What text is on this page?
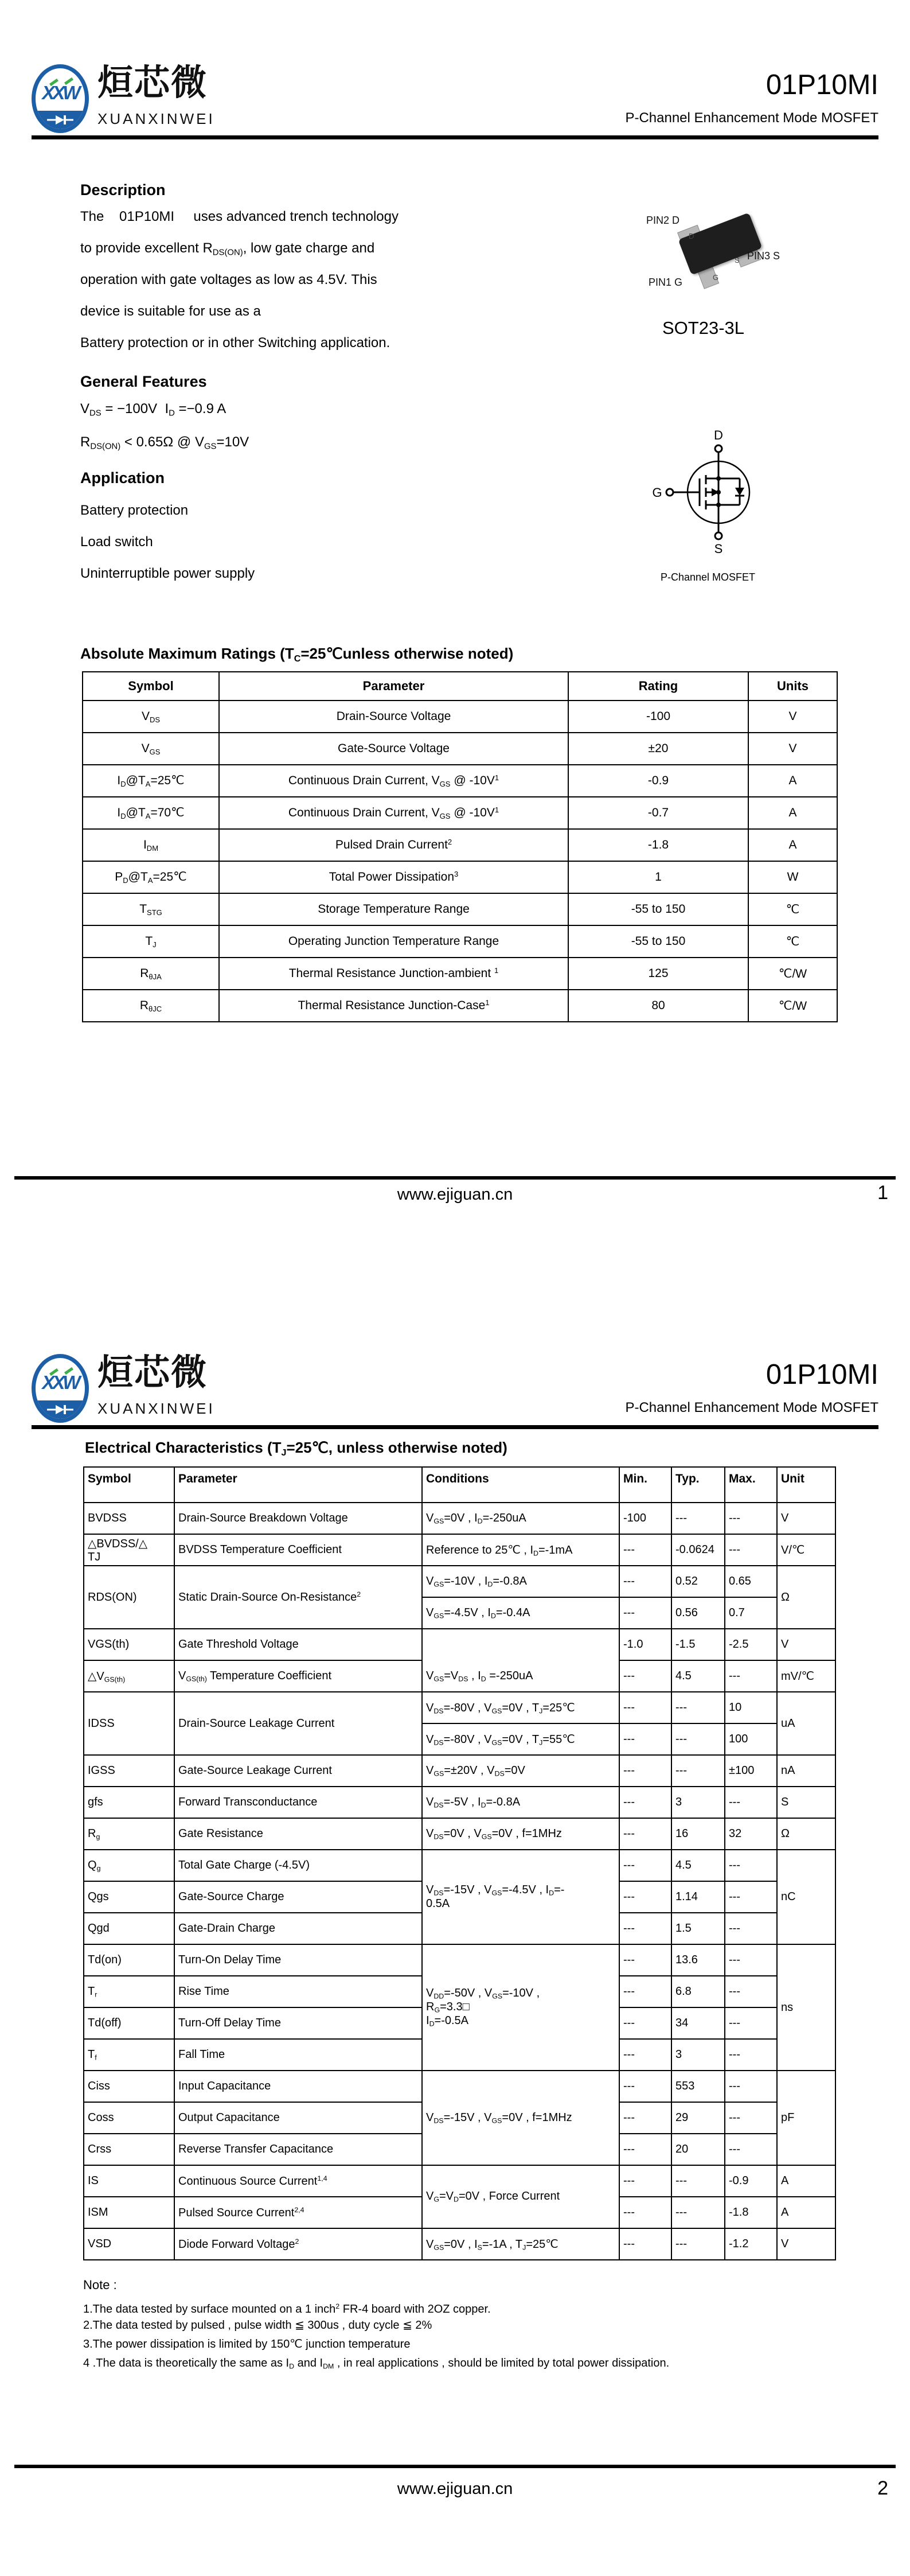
XXW 烜芯微
XUANXINWEI
01P10MI
P-Channel Enhancement Mode MOSFET
Description
The    01P10MI     uses advanced trench technology
to provide excellent $R_{DS(ON)}$, low gate charge and
operation with gate voltages as low as 4.5V. This
device is suitable for use as a
Battery protection or in other Switching application.
PIN2 D
D
S
G
PIN3 S
PIN1 G
SOT23-3L
General Features
$V_{DS} = -100V$  $I_D =-0.9$ A
$R_{DS(ON)} < 0.65\Omega$ @ $V_{GS}=10V$
Application
Battery protection
Load switch
Uninterruptible power supply
D
G
S
P-Channel MOSFET
Absolute Maximum Ratings ($T_C=25℃unless$ otherwise noted)
Symbol	Parameter	Rating	Units
$V_{DS}$	Drain-Source Voltage	-100	V
$V_{GS}$	Gate-Source Voltage	±20	V
$I_D@T_A=25℃$	Continuous Drain Current, $V_{GS}$ @ $-10V^1$	-0.9	A
$I_D@T_A=70℃$	Continuous Drain Current, $V_{GS}$ @ $-10V^1$	-0.7	A
$I_{DM}$	Pulsed Drain Current$^2$	-1.8	A
$P_D@T_A=25℃$	Total Power Dissipation$^3$	1	W
$T_{STG}$	Storage Temperature Range	-55 to 150	℃
$T_J$	Operating Junction Temperature Range	-55 to 150	℃
$R_{\theta JA}$	Thermal Resistance Junction-ambient $^1$	125	℃/W
$R_{\theta JC}$	Thermal Resistance Junction-Case$^1$	80	℃/W
www.ejiguan.cn	1
XXW 烜芯微
XUANXINWEI
01P10MI
P-Channel Enhancement Mode MOSFET
Electrical Characteristics ($T_J=25℃$, unless otherwise noted)
Symbol	Parameter	Conditions	Min.	Typ.	Max.	Unit
BVDSS	Drain-Source Breakdown Voltage	$V_{GS}=0V$ , $I_D=-250uA$	-100	---	---	V
△BVDSS/△
TJ	BVDSS Temperature Coefficient	Reference to 25℃ , $I_D=-1mA$	---	-0.0624	---	V/℃
RDS(ON)	Static Drain-Source On-Resistance$^2$	$V_{GS}=-10V$ , $I_D=-0.8A$	---	0.52	0.65	Ω
		$V_{GS}=-4.5V$ , $I_D=-0.4A$	---	0.56	0.7	
VGS(th)	Gate Threshold Voltage	$V_{GS}=V_{DS}$ , $I_D =-250uA$	-1.0	-1.5	-2.5	V
$\triangle V_{GS(th)}$	$V_{GS(th)}$ Temperature Coefficient		---	4.5	---	mV/℃
IDSS	Drain-Source Leakage Current	$V_{DS}=-80V$ , $V_{GS}=0V$ , $T_J=25℃$	---	---	10	uA
		$V_{DS}=-80V$ , $V_{GS}=0V$ , $T_J=55℃$	---	---	100	
IGSS	Gate-Source Leakage Current	$V_{GS}=\pm 20V$ , $V_{DS}=0V$	---	---	±100	nA
gfs	Forward Transconductance	$V_{DS}=-5V$ , $I_D=-0.8A$	---	3	---	S
$R_g$	Gate Resistance	$V_{DS}=0V$ , $V_{GS}=0V$ , f=1MHz	---	16	32	Ω
$Q_g$	Total Gate Charge (-4.5V)	$V_{DS}=-15V$ , $V_{GS}=-4.5V$ , $I_D=-$
0.5A	---	4.5	---	nC
Qgs	Gate-Source Charge		---	1.14	---	
Qgd	Gate-Drain Charge		---	1.5	---	
Td(on)	Turn-On Delay Time	$V_{DD}=-50V$ , $V_{GS}=-10V$ ,
$R_G=3.3□$
$I_D=-0.5A$	---	13.6	---	ns
$T_r$	Rise Time		---	6.8	---	
Td(off)	Turn-Off Delay Time		---	34	---	
$T_f$	Fall Time		---	3	---	
Ciss	Input Capacitance	$V_{DS}=-15V$ , $V_{GS}=0V$ , f=1MHz	---	553	---	pF
Coss	Output Capacitance		---	29	---	
Crss	Reverse Transfer Capacitance		---	20	---	
IS	Continuous Source Current$^{1,4}$	$V_G=V_D=0V$ , Force Current	---	---	-0.9	A
ISM	Pulsed Source Current$^{2,4}$		---	---	-1.8	A
VSD	Diode Forward Voltage$^2$	$V_{GS}=0V$ , $I_S=-1A$ , $T_J=25℃$	---	---	-1.2	V
Note :
1.The data tested by surface mounted on a 1 inch$^2$ FR-4 board with 2OZ copper.
2.The data tested by pulsed , pulse width ≦ 300us , duty cycle ≦ 2%
3.The power dissipation is limited by 150℃ junction temperature
4 .The data is theoretically the same as $I_D$ and $I_{DM}$ , in real applications , should be limited by total power dissipation.
www.ejiguan.cn	2
